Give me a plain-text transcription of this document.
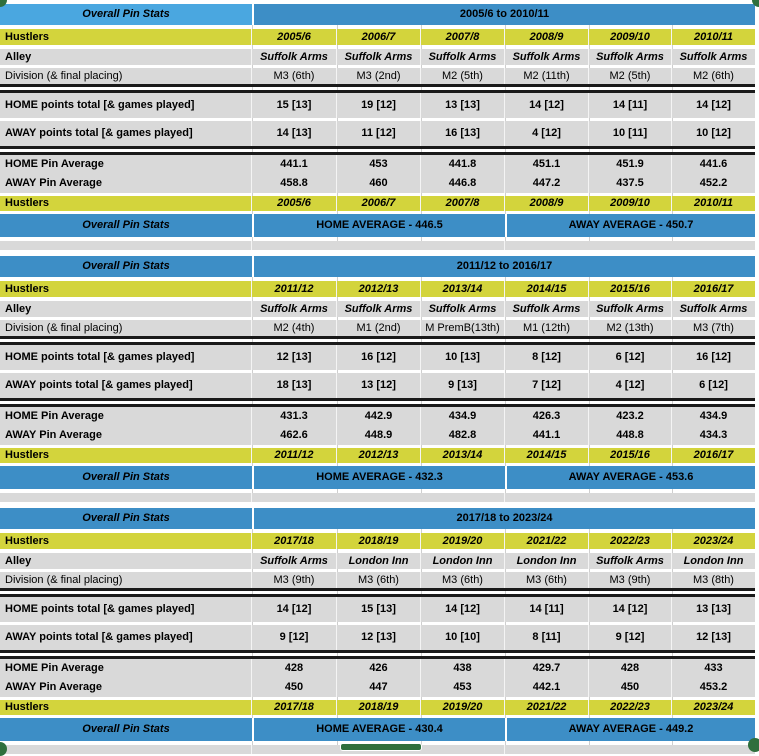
Overall Pin Stats	2005/6 to 2010/11
Hustlers	2005/6	2006/7	2007/8	2008/9	2009/10	2010/11
Alley	Suffolk Arms	Suffolk Arms	Suffolk Arms	Suffolk Arms	Suffolk Arms	Suffolk Arms
Division (& final placing)	M3 (6th)	M3 (2nd)	M2 (5th)	M2 (11th)	M2 (5th)	M2 (6th)
HOME points total [& games played]	15 [13]	19 [12]	13 [13]	14 [12]	14 [11]	14 [12]
AWAY points total [& games played]	14 [13]	11 [12]	16 [13]	4 [12]	10 [11]	10 [12]
HOME Pin Average	441.1	453	441.8	451.1	451.9	441.6
AWAY Pin Average	458.8	460	446.8	447.2	437.5	452.2
Hustlers	2005/6	2006/7	2007/8	2008/9	2009/10	2010/11
Overall Pin Stats	HOME AVERAGE - 446.5	AWAY AVERAGE - 450.7
Overall Pin Stats	2011/12 to 2016/17
Hustlers	2011/12	2012/13	2013/14	2014/15	2015/16	2016/17
Alley	Suffolk Arms	Suffolk Arms	Suffolk Arms	Suffolk Arms	Suffolk Arms	Suffolk Arms
Division (& final placing)	M2 (4th)	M1 (2nd)	M PremB(13th)	M1 (12th)	M2 (13th)	M3 (7th)
HOME points total [& games played]	12 [13]	16 [12]	10 [13]	8 [12]	6 [12]	16 [12]
AWAY points total [& games played]	18 [13]	13 [12]	9 [13]	7 [12]	4 [12]	6 [12]
HOME Pin Average	431.3	442.9	434.9	426.3	423.2	434.9
AWAY Pin Average	462.6	448.9	482.8	441.1	448.8	434.3
Hustlers	2011/12	2012/13	2013/14	2014/15	2015/16	2016/17
Overall Pin Stats	HOME AVERAGE - 432.3	AWAY AVERAGE - 453.6
Overall Pin Stats	2017/18 to 2023/24
Hustlers	2017/18	2018/19	2019/20	2021/22	2022/23	2023/24
Alley	Suffolk Arms	London Inn	London Inn	London Inn	Suffolk Arms	London Inn
Division (& final placing)	M3 (9th)	M3 (6th)	M3 (6th)	M3 (6th)	M3 (9th)	M3 (8th)
HOME points total [& games played]	14 [12]	15 [13]	14 [12]	14 [11]	14 [12]	13 [13]
AWAY points total [& games played]	9 [12]	12 [13]	10 [10]	8 [11]	9 [12]	12 [13]
HOME Pin Average	428	426	438	429.7	428	433
AWAY Pin Average	450	447	453	442.1	450	453.2
Hustlers	2017/18	2018/19	2019/20	2021/22	2022/23	2023/24
Overall Pin Stats	HOME AVERAGE - 430.4	AWAY AVERAGE - 449.2
